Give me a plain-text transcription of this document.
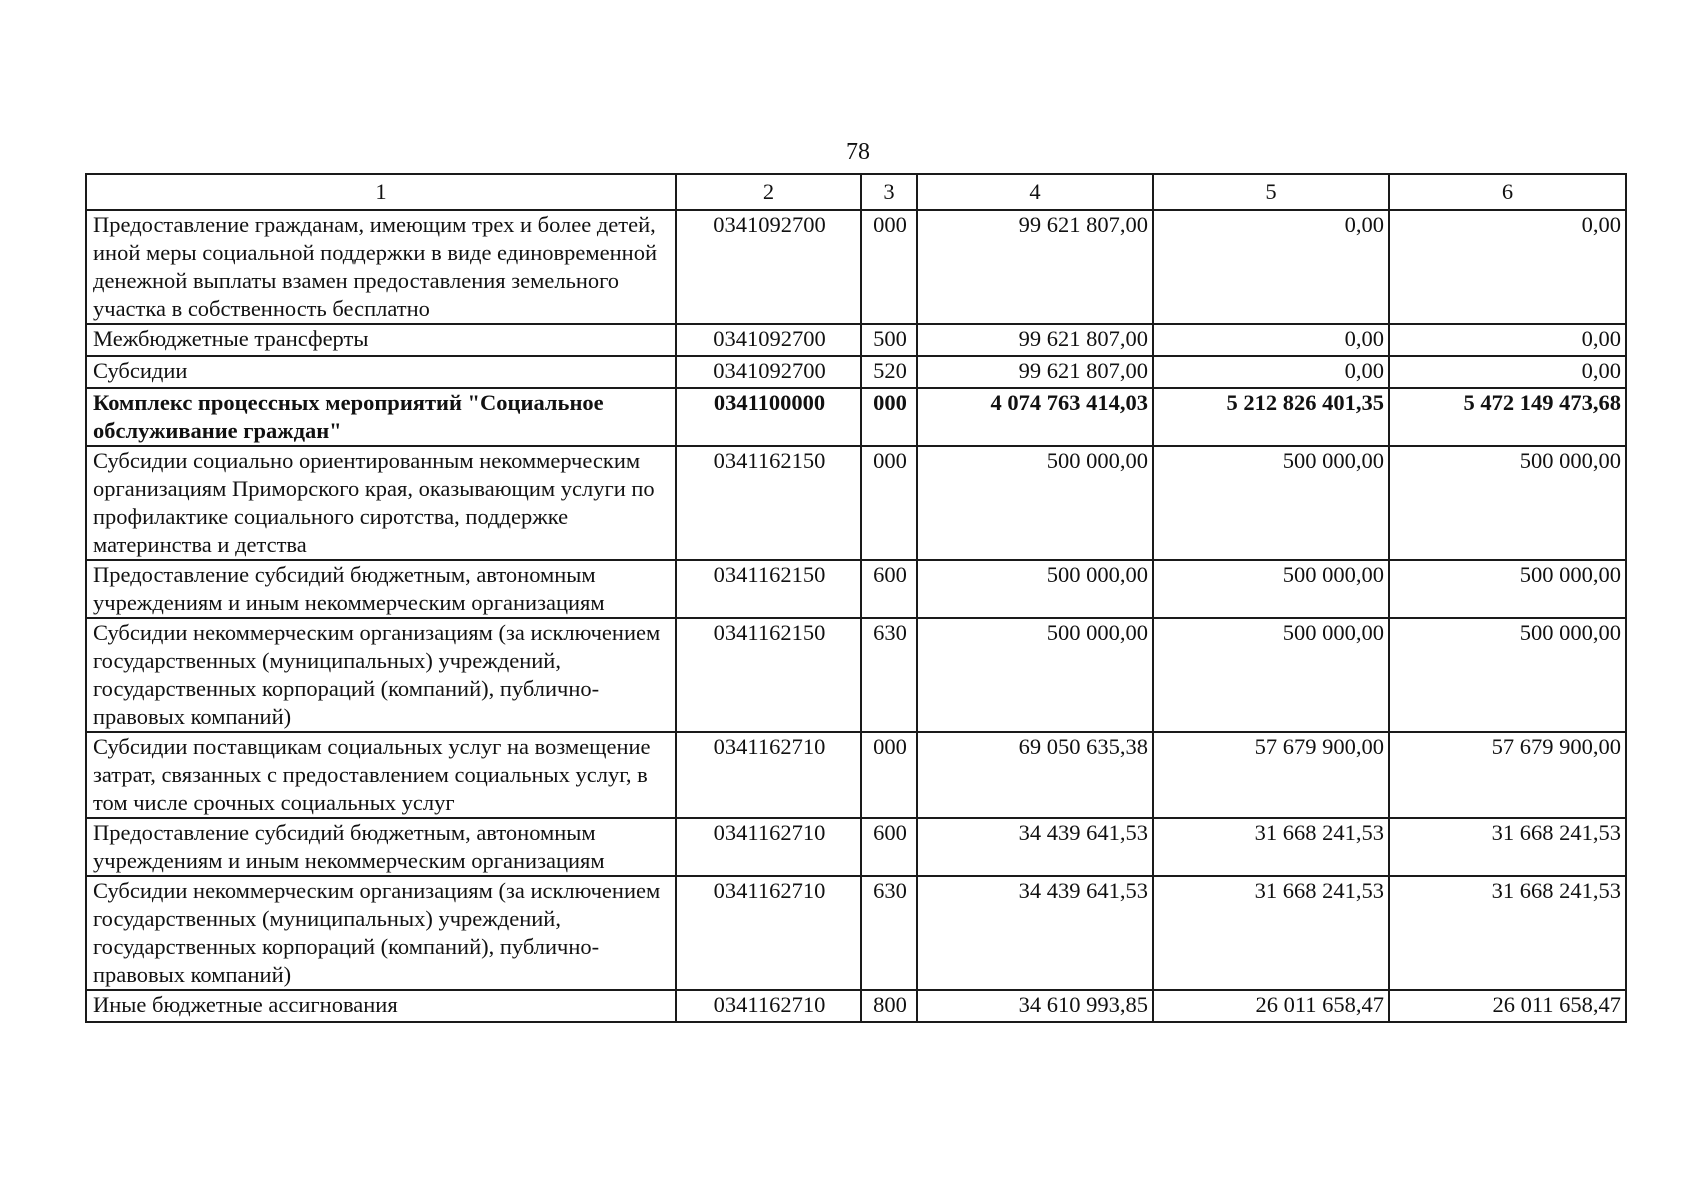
78
1	2	3	4	5	6
Предоставление гражданам, имеющим трех и более детей, иной меры социальной поддержки в виде единовременной денежной выплаты взамен предоставления земельного участка в собственность бесплатно	0341092700	000	99 621 807,00	0,00	0,00
Межбюджетные трансферты	0341092700	500	99 621 807,00	0,00	0,00
Субсидии	0341092700	520	99 621 807,00	0,00	0,00
Комплекс процессных мероприятий "Социальное обслуживание граждан"	0341100000	000	4 074 763 414,03	5 212 826 401,35	5 472 149 473,68
Субсидии социально ориентированным некоммерческим организациям Приморского края, оказывающим услуги по профилактике социального сиротства, поддержке материнства и детства	0341162150	000	500 000,00	500 000,00	500 000,00
Предоставление субсидий бюджетным, автономным учреждениям и иным некоммерческим организациям	0341162150	600	500 000,00	500 000,00	500 000,00
Субсидии некоммерческим организациям (за исключением государственных (муниципальных) учреждений, государственных корпораций (компаний), публично-правовых компаний)	0341162150	630	500 000,00	500 000,00	500 000,00
Субсидии поставщикам социальных услуг на возмещение затрат, связанных с предоставлением социальных услуг, в том числе срочных социальных услуг	0341162710	000	69 050 635,38	57 679 900,00	57 679 900,00
Предоставление субсидий бюджетным, автономным учреждениям и иным некоммерческим организациям	0341162710	600	34 439 641,53	31 668 241,53	31 668 241,53
Субсидии некоммерческим организациям (за исключением государственных (муниципальных) учреждений, государственных корпораций (компаний), публично-правовых компаний)	0341162710	630	34 439 641,53	31 668 241,53	31 668 241,53
Иные бюджетные ассигнования	0341162710	800	34 610 993,85	26 011 658,47	26 011 658,47
